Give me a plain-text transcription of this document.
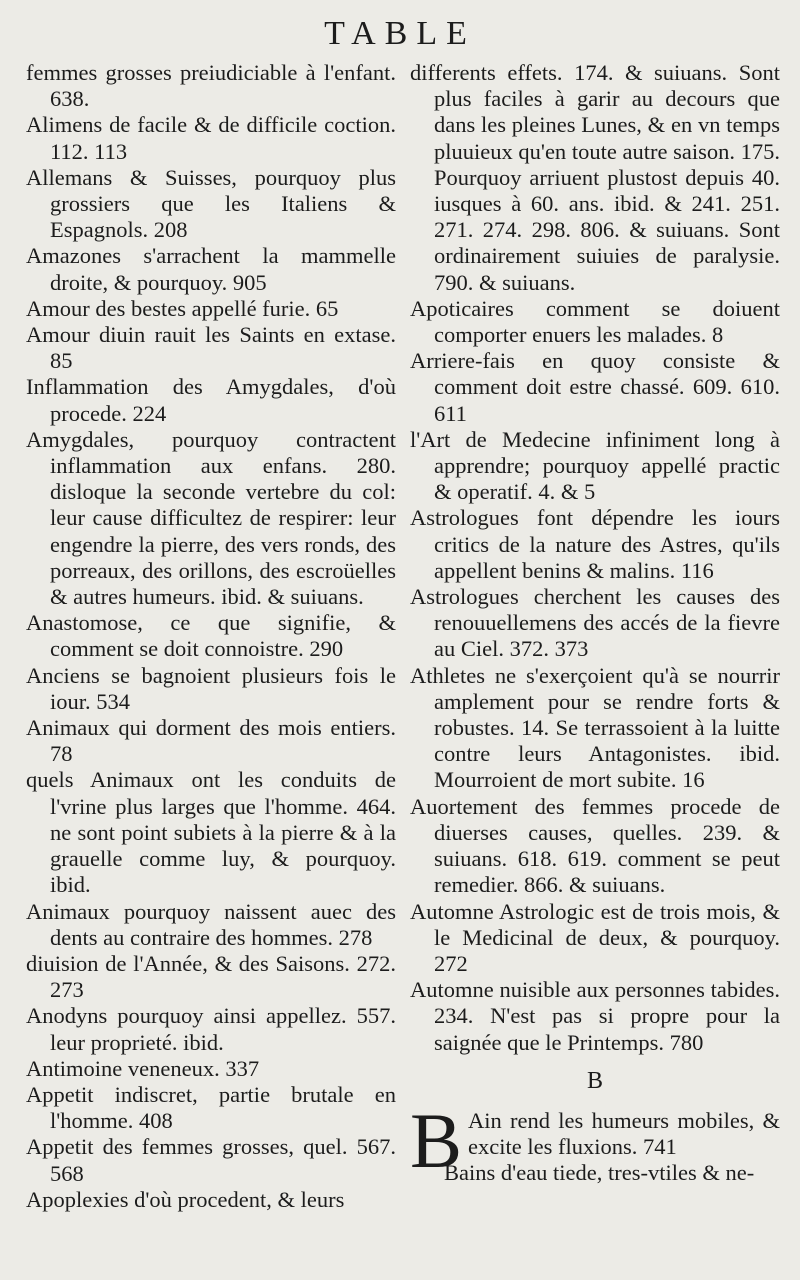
TABLE

femmes grosses preiudiciable à l'enfant. 638.

Alimens de facile & de difficile coction. 112. 113

Allemans & Suisses, pourquoy plus grossiers que les Italiens & Espagnols. 208

Amazones s'arrachent la mammelle droite, & pourquoy. 905

Amour des bestes appellé furie. 65

Amour diuin rauit les Saints en extase. 85

Inflammation des Amygdales, d'où procede. 224

Amygdales, pourquoy contractent inflammation aux enfans. 280. disloque la seconde vertebre du col: leur cause difficultez de respirer: leur engendre la pierre, des vers ronds, des porreaux, des orillons, des escroüelles & autres humeurs. ibid. & suiuans.

Anastomose, ce que signifie, & comment se doit connoistre. 290

Anciens se bagnoient plusieurs fois le iour. 534

Animaux qui dorment des mois entiers. 78

quels Animaux ont les conduits de l'vrine plus larges que l'homme. 464. ne sont point subiets à la pierre & à la grauelle comme luy, & pourquoy. ibid.

Animaux pourquoy naissent auec des dents au contraire des hommes. 278

diuision de l'Année, & des Saisons. 272. 273

Anodyns pourquoy ainsi appellez. 557. leur proprieté. ibid.

Antimoine veneneux. 337

Appetit indiscret, partie brutale en l'homme. 408

Appetit des femmes grosses, quel. 567. 568

Apoplexies d'où procedent, & leurs

differents effets. 174. & suiuans. Sont plus faciles à garir au decours que dans les pleines Lunes, & en vn temps pluuieux qu'en toute autre saison. 175. Pourquoy arriuent plustost depuis 40. iusques à 60. ans. ibid. & 241. 251. 271. 274. 298. 806. & suiuans. Sont ordinairement suiuies de paralysie. 790. & suiuans.

Apoticaires comment se doiuent comporter enuers les malades. 8

Arriere-fais en quoy consiste & comment doit estre chassé. 609. 610. 611

l'Art de Medecine infiniment long à apprendre; pourquoy appellé practic & operatif. 4. & 5

Astrologues font dépendre les iours critics de la nature des Astres, qu'ils appellent benins & malins. 116

Astrologues cherchent les causes des renouuellemens des accés de la fievre au Ciel. 372. 373

Athletes ne s'exerçoient qu'à se nourrir amplement pour se rendre forts & robustes. 14. Se terrassoient à la luitte contre leurs Antagonistes. ibid. Mourroient de mort subite. 16

Auortement des femmes procede de diuerses causes, quelles. 239. & suiuans. 618. 619. comment se peut remedier. 866. & suiuans.

Automne Astrologic est de trois mois, & le Medicinal de deux, & pourquoy. 272

Automne nuisible aux personnes tabides. 234. N'est pas si propre pour la saignée que le Printemps. 780

B

B Ain rend les humeurs mobiles, & excite les fluxions. 741

Bains d'eau tiede, tres-vtiles & ne-
